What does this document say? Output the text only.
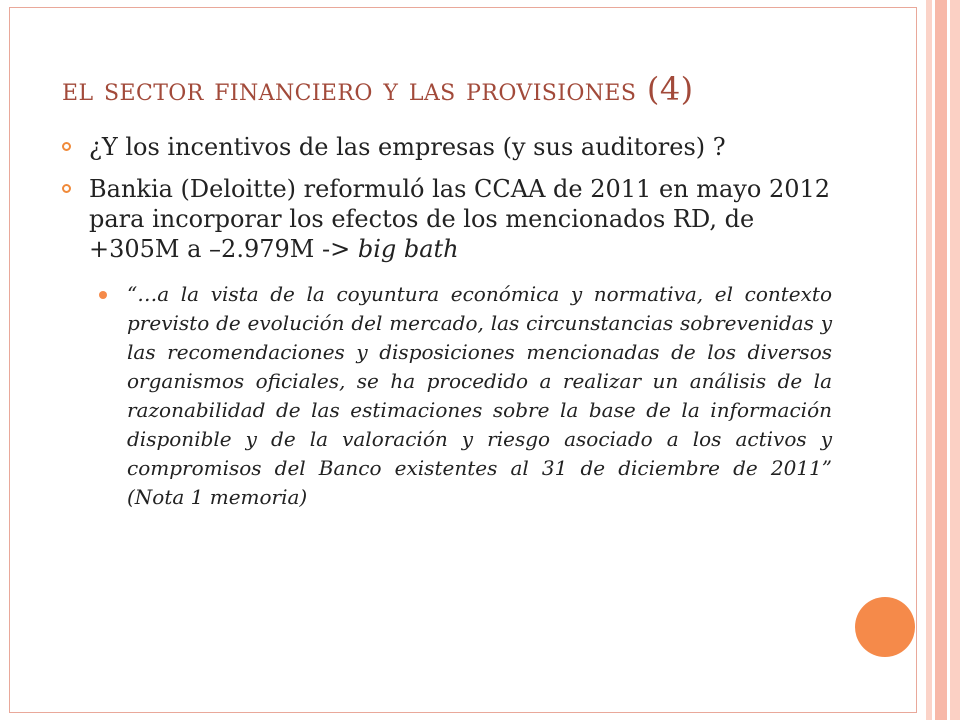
el sector financiero y las provisiones (4)

¿Y los incentivos de las empresas (y sus auditores) ?

Bankia (Deloitte) reformuló las CCAA de 2011 en mayo 2012 para incorporar los efectos de los mencionados RD, de +305M a –2.979M -> big bath

“…a la vista de la coyuntura económica y normativa, el contexto previsto de evolución del mercado, las circunstancias sobrevenidas y las recomendaciones y disposiciones mencionadas de los diversos organismos oficiales, se ha procedido a realizar un análisis de la razonabilidad de las estimaciones sobre la base de la información disponible y de la valoración y riesgo asociado a los activos y compromisos del Banco existentes al 31 de diciembre de 2011” (Nota 1 memoria)
